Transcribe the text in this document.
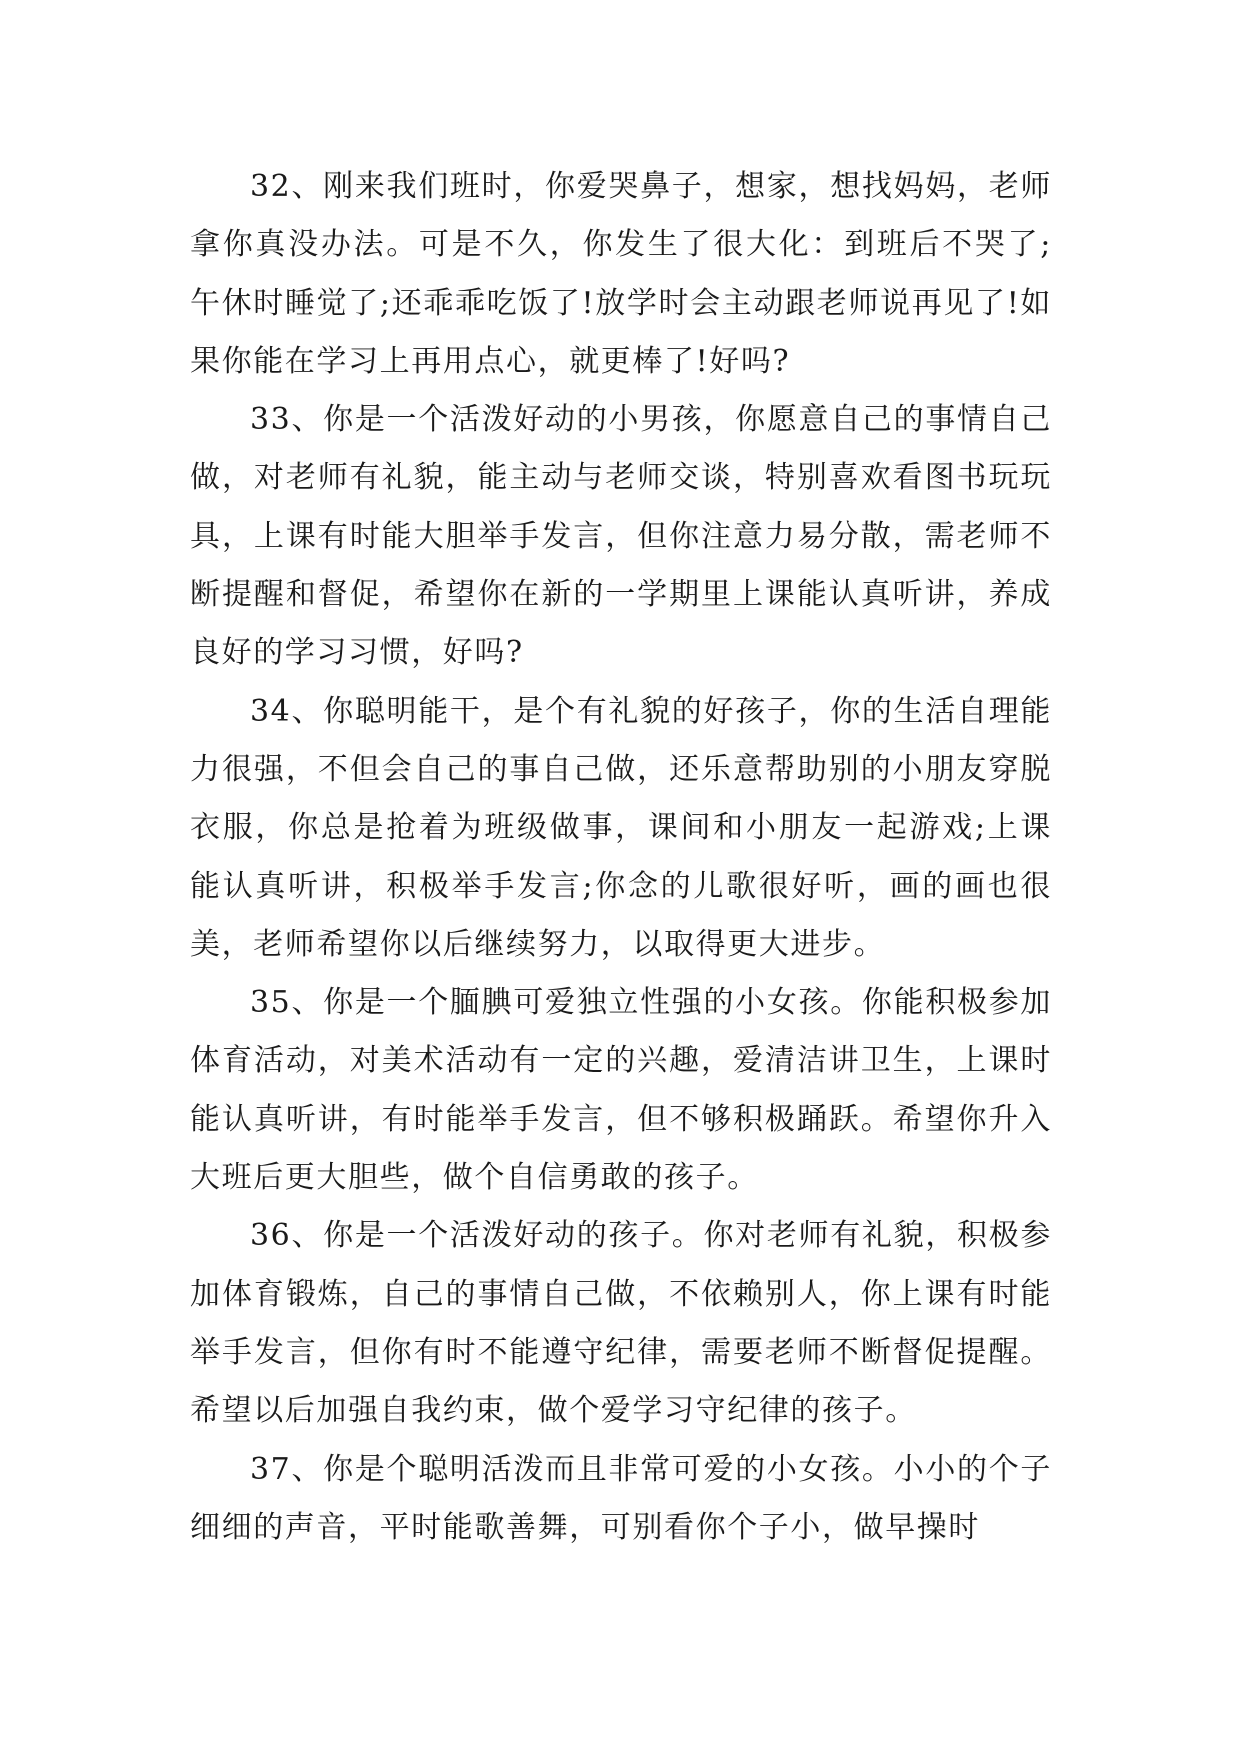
32、刚来我们班时，你爱哭鼻子，想家，想找妈妈，老师拿你真没办法。可是不久，你发生了很大化：到班后不哭了;午休时睡觉了;还乖乖吃饭了!放学时会主动跟老师说再见了!如果你能在学习上再用点心，就更棒了!好吗?

33、你是一个活泼好动的小男孩，你愿意自己的事情自己做，对老师有礼貌，能主动与老师交谈，特别喜欢看图书玩玩具，上课有时能大胆举手发言，但你注意力易分散，需老师不断提醒和督促，希望你在新的一学期里上课能认真听讲，养成良好的学习习惯，好吗?

34、你聪明能干，是个有礼貌的好孩子，你的生活自理能力很强，不但会自己的事自己做，还乐意帮助别的小朋友穿脱衣服，你总是抢着为班级做事，课间和小朋友一起游戏;上课能认真听讲，积极举手发言;你念的儿歌很好听，画的画也很美，老师希望你以后继续努力，以取得更大进步。

35、你是一个腼腆可爱独立性强的小女孩。你能积极参加体育活动，对美术活动有一定的兴趣，爱清洁讲卫生，上课时能认真听讲，有时能举手发言，但不够积极踊跃。希望你升入大班后更大胆些，做个自信勇敢的孩子。

36、你是一个活泼好动的孩子。你对老师有礼貌，积极参加体育锻炼，自己的事情自己做，不依赖别人，你上课有时能举手发言，但你有时不能遵守纪律，需要老师不断督促提醒。希望以后加强自我约束，做个爱学习守纪律的孩子。

37、你是个聪明活泼而且非常可爱的小女孩。小小的个子细细的声音，平时能歌善舞，可别看你个子小，做早操时
